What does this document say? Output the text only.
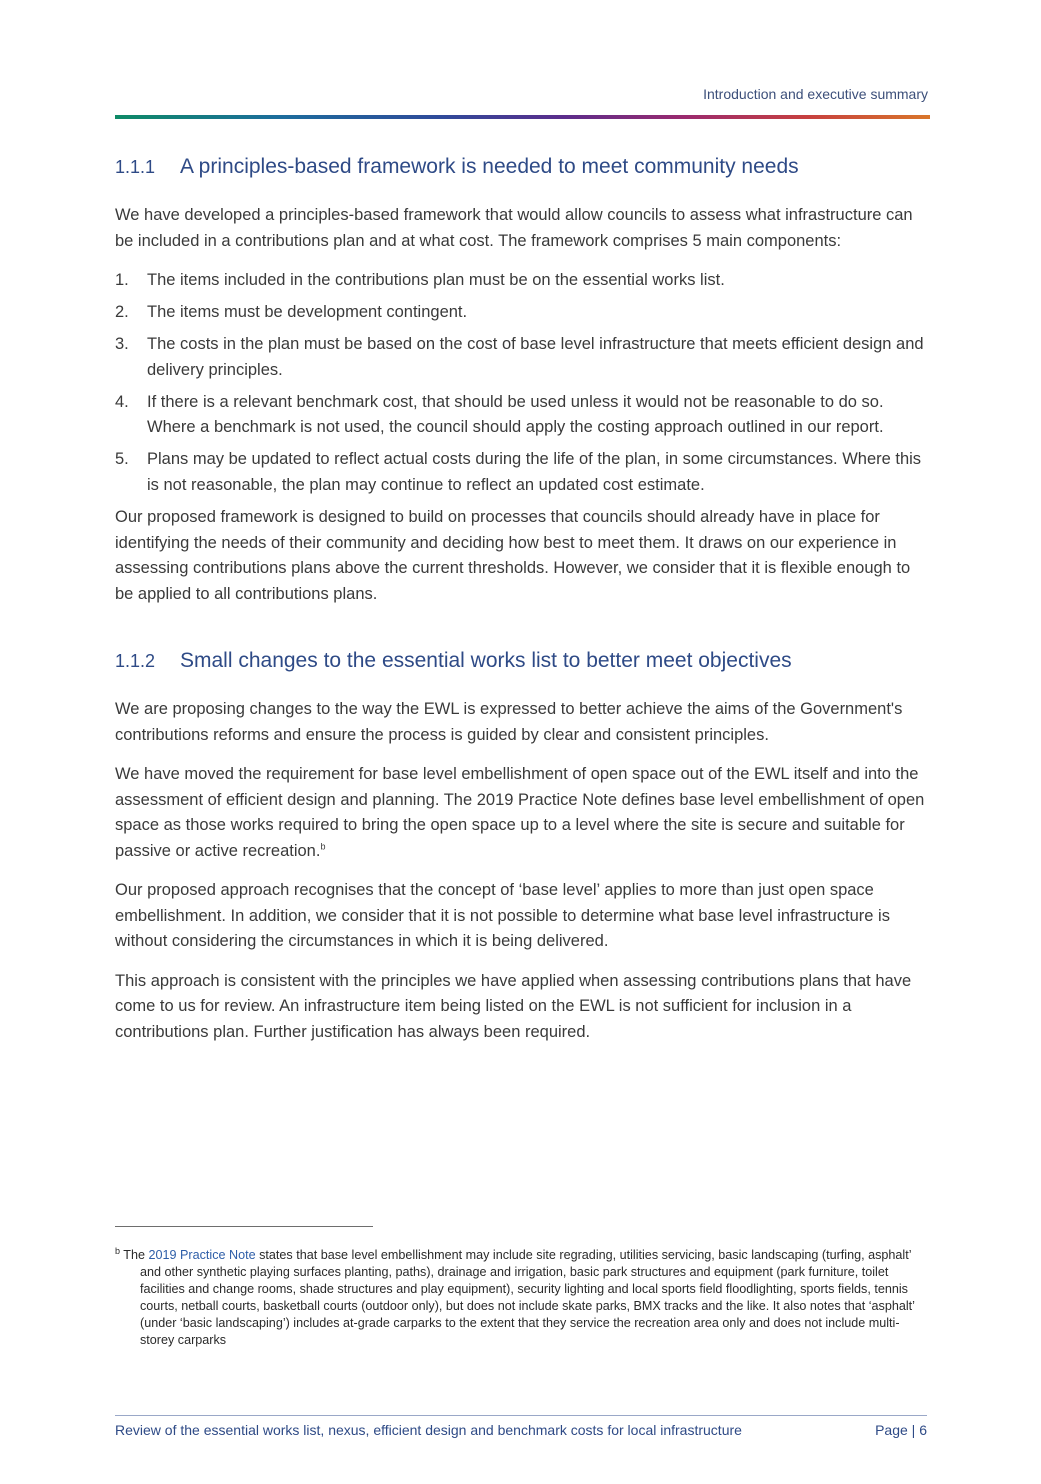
Introduction and executive summary
1.1.1	A principles-based framework is needed to meet community needs

We have developed a principles-based framework that would allow councils to assess what infrastructure can be included in a contributions plan and at what cost. The framework comprises 5 main components:

1.	The items included in the contributions plan must be on the essential works list.
2.	The items must be development contingent.
3.	The costs in the plan must be based on the cost of base level infrastructure that meets efficient design and delivery principles.
4.	If there is a relevant benchmark cost, that should be used unless it would not be reasonable to do so. Where a benchmark is not used, the council should apply the costing approach outlined in our report.
5.	Plans may be updated to reflect actual costs during the life of the plan, in some circumstances. Where this is not reasonable, the plan may continue to reflect an updated cost estimate.

Our proposed framework is designed to build on processes that councils should already have in place for identifying the needs of their community and deciding how best to meet them. It draws on our experience in assessing contributions plans above the current thresholds. However, we consider that it is flexible enough to be applied to all contributions plans.

1.1.2	Small changes to the essential works list to better meet objectives

We are proposing changes to the way the EWL is expressed to better achieve the aims of the Government's contributions reforms and ensure the process is guided by clear and consistent principles.

We have moved the requirement for base level embellishment of open space out of the EWL itself and into the assessment of efficient design and planning. The 2019 Practice Note defines base level embellishment of open space as those works required to bring the open space up to a level where the site is secure and suitable for passive or active recreation.$^b$

Our proposed approach recognises that the concept of ‘base level’ applies to more than just open space embellishment. In addition, we consider that it is not possible to determine what base level infrastructure is without considering the circumstances in which it is being delivered.

This approach is consistent with the principles we have applied when assessing contributions plans that have come to us for review. An infrastructure item being listed on the EWL is not sufficient for inclusion in a contributions plan. Further justification has always been required.

$^b$ The 2019 Practice Note states that base level embellishment may include site regrading, utilities servicing, basic landscaping (turfing, asphalt’ and other synthetic playing surfaces planting, paths), drainage and irrigation, basic park structures and equipment (park furniture, toilet facilities and change rooms, shade structures and play equipment), security lighting and local sports field floodlighting, sports fields, tennis courts, netball courts, basketball courts (outdoor only), but does not include skate parks, BMX tracks and the like. It also notes that ‘asphalt’ (under ‘basic landscaping’) includes at-grade carparks to the extent that they service the recreation area only and does not include multi-storey carparks
Review of the essential works list, nexus, efficient design and benchmark costs for local infrastructure	Page | 6
